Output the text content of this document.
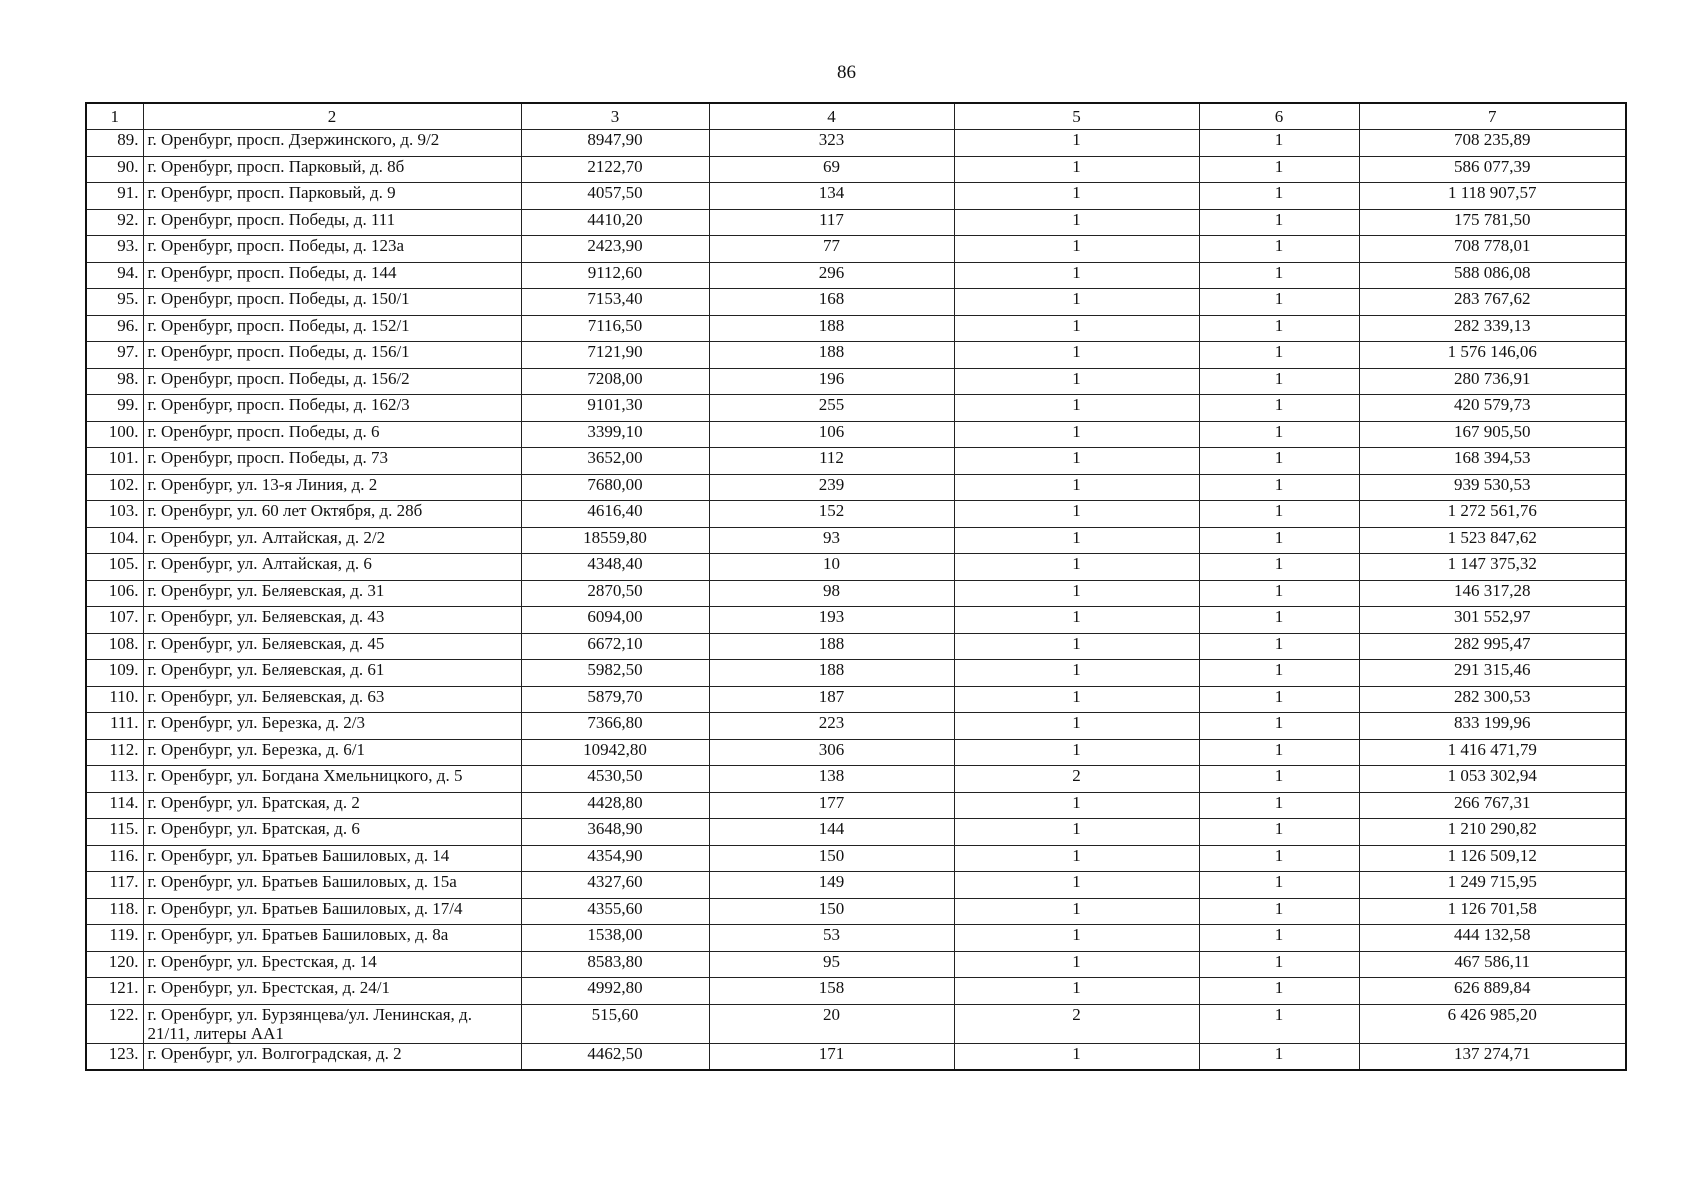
86
1	2	3	4	5	6	7
89.	г. Оренбург, просп. Дзержинского, д. 9/2	8947,90	323	1	1	708 235,89
90.	г. Оренбург, просп. Парковый, д. 8б	2122,70	69	1	1	586 077,39
91.	г. Оренбург, просп. Парковый, д. 9	4057,50	134	1	1	1 118 907,57
92.	г. Оренбург, просп. Победы, д. 111	4410,20	117	1	1	175 781,50
93.	г. Оренбург, просп. Победы, д. 123а	2423,90	77	1	1	708 778,01
94.	г. Оренбург, просп. Победы, д. 144	9112,60	296	1	1	588 086,08
95.	г. Оренбург, просп. Победы, д. 150/1	7153,40	168	1	1	283 767,62
96.	г. Оренбург, просп. Победы, д. 152/1	7116,50	188	1	1	282 339,13
97.	г. Оренбург, просп. Победы, д. 156/1	7121,90	188	1	1	1 576 146,06
98.	г. Оренбург, просп. Победы, д. 156/2	7208,00	196	1	1	280 736,91
99.	г. Оренбург, просп. Победы, д. 162/3	9101,30	255	1	1	420 579,73
100.	г. Оренбург, просп. Победы, д. 6	3399,10	106	1	1	167 905,50
101.	г. Оренбург, просп. Победы, д. 73	3652,00	112	1	1	168 394,53
102.	г. Оренбург, ул. 13-я Линия, д. 2	7680,00	239	1	1	939 530,53
103.	г. Оренбург, ул. 60 лет Октября, д. 28б	4616,40	152	1	1	1 272 561,76
104.	г. Оренбург, ул. Алтайская, д. 2/2	18559,80	93	1	1	1 523 847,62
105.	г. Оренбург, ул. Алтайская, д. 6	4348,40	10	1	1	1 147 375,32
106.	г. Оренбург, ул. Беляевская, д. 31	2870,50	98	1	1	146 317,28
107.	г. Оренбург, ул. Беляевская, д. 43	6094,00	193	1	1	301 552,97
108.	г. Оренбург, ул. Беляевская, д. 45	6672,10	188	1	1	282 995,47
109.	г. Оренбург, ул. Беляевская, д. 61	5982,50	188	1	1	291 315,46
110.	г. Оренбург, ул. Беляевская, д. 63	5879,70	187	1	1	282 300,53
111.	г. Оренбург, ул. Березка, д. 2/3	7366,80	223	1	1	833 199,96
112.	г. Оренбург, ул. Березка, д. 6/1	10942,80	306	1	1	1 416 471,79
113.	г. Оренбург, ул. Богдана Хмельницкого, д. 5	4530,50	138	2	1	1 053 302,94
114.	г. Оренбург, ул. Братская, д. 2	4428,80	177	1	1	266 767,31
115.	г. Оренбург, ул. Братская, д. 6	3648,90	144	1	1	1 210 290,82
116.	г. Оренбург, ул. Братьев Башиловых, д. 14	4354,90	150	1	1	1 126 509,12
117.	г. Оренбург, ул. Братьев Башиловых, д. 15а	4327,60	149	1	1	1 249 715,95
118.	г. Оренбург, ул. Братьев Башиловых, д. 17/4	4355,60	150	1	1	1 126 701,58
119.	г. Оренбург, ул. Братьев Башиловых, д. 8а	1538,00	53	1	1	444 132,58
120.	г. Оренбург, ул. Брестская, д. 14	8583,80	95	1	1	467 586,11
121.	г. Оренбург, ул. Брестская, д. 24/1	4992,80	158	1	1	626 889,84
122.	г. Оренбург, ул. Бурзянцева/ул. Ленинская, д. 21/11, литеры АА1	515,60	20	2	1	6 426 985,20
123.	г. Оренбург, ул. Волгоградская, д. 2	4462,50	171	1	1	137 274,71
